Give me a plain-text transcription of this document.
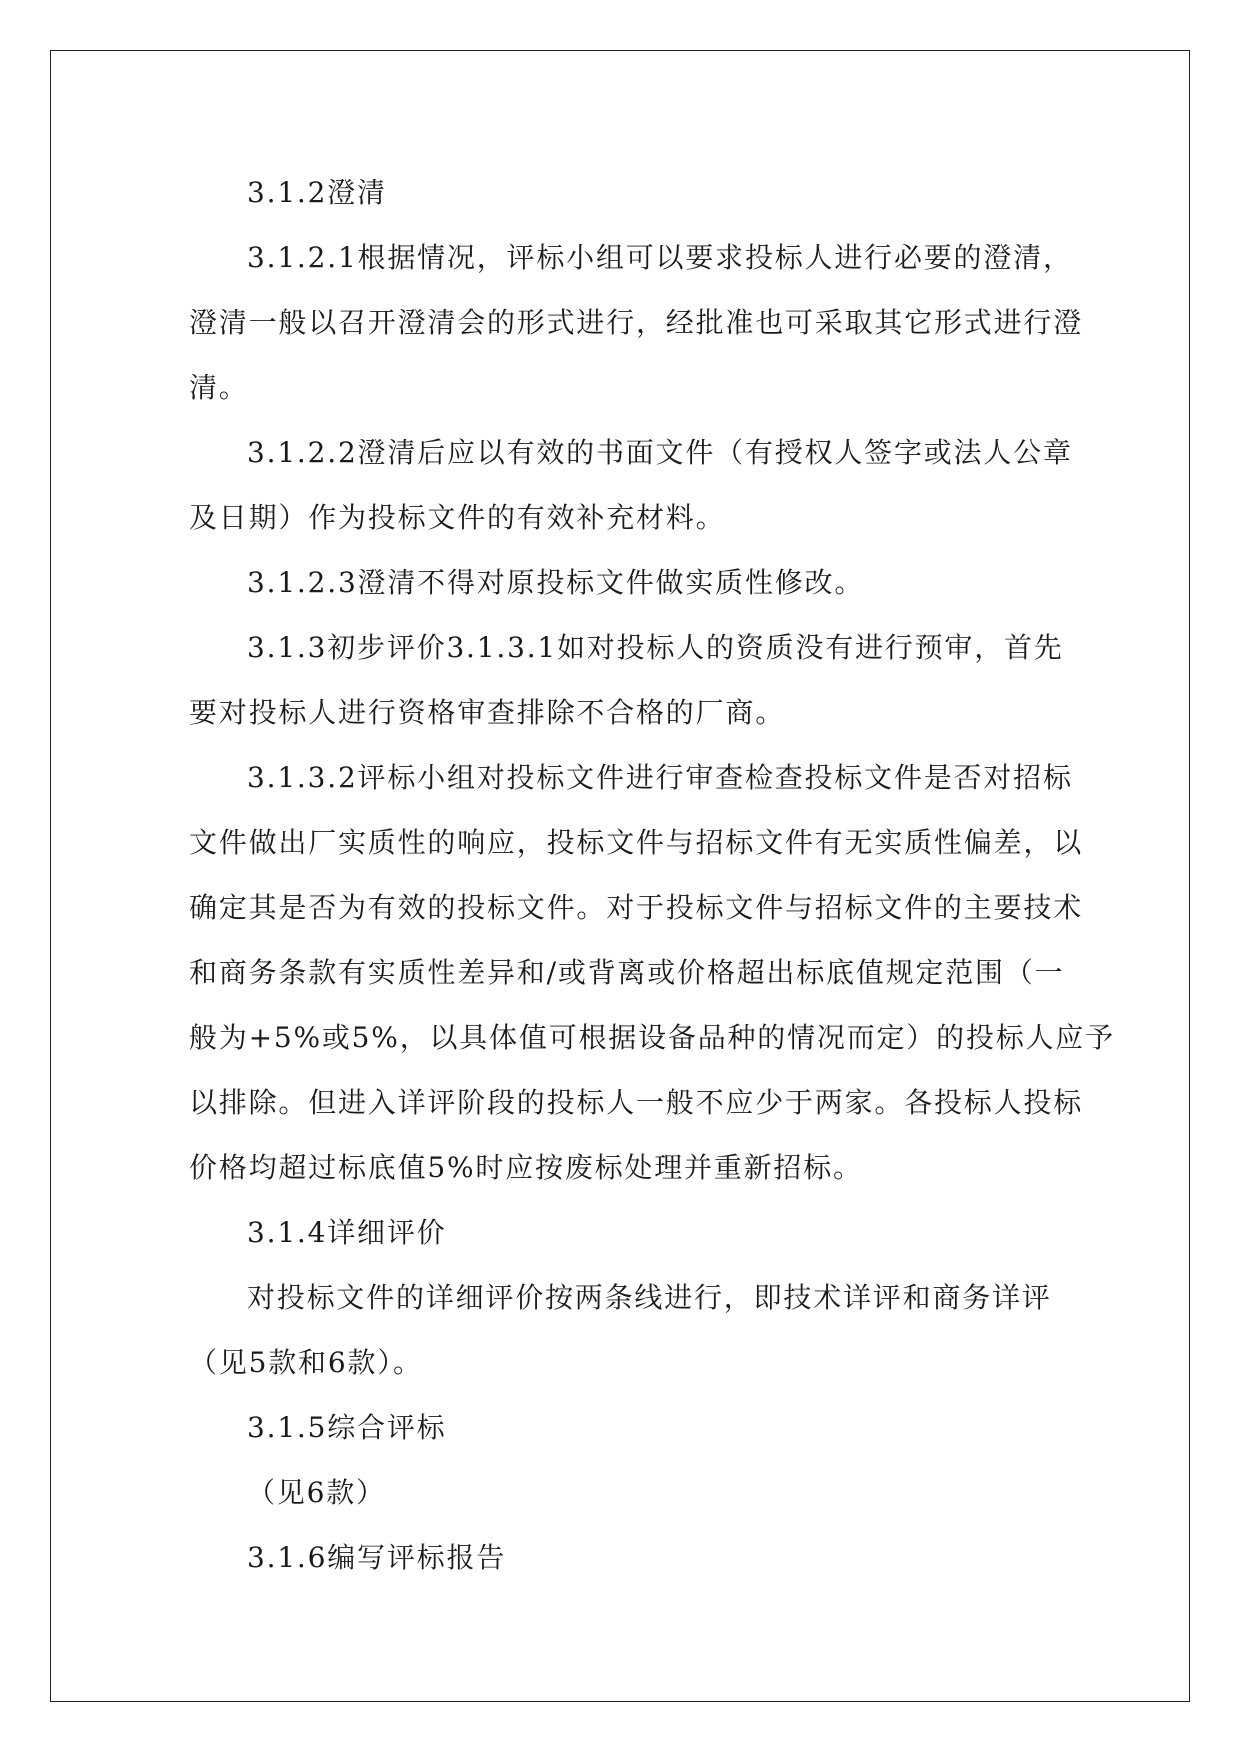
3.1.2澄清

3.1.2.1根据情况，评标小组可以要求投标人进行必要的澄清，
澄清一般以召开澄清会的形式进行，经批准也可采取其它形式进行澄
清。

3.1.2.2澄清后应以有效的书面文件（有授权人签字或法人公章
及日期）作为投标文件的有效补充材料。

3.1.2.3澄清不得对原投标文件做实质性修改。

3.1.3初步评价3.1.3.1如对投标人的资质没有进行预审，首先
要对投标人进行资格审查排除不合格的厂商。

3.1.3.2评标小组对投标文件进行审查检查投标文件是否对招标
文件做出厂实质性的响应，投标文件与招标文件有无实质性偏差，以
确定其是否为有效的投标文件。对于投标文件与招标文件的主要技术
和商务条款有实质性差异和/或背离或价格超出标底值规定范围（一
般为+5%或5%，以具体值可根据设备品种的情况而定）的投标人应予
以排除。但进入详评阶段的投标人一般不应少于两家。各投标人投标
价格均超过标底值5%时应按废标处理并重新招标。

3.1.4详细评价

对投标文件的详细评价按两条线进行，即技术详评和商务详评
（见5款和6款）。

3.1.5综合评标

（见6款）

3.1.6编写评标报告
